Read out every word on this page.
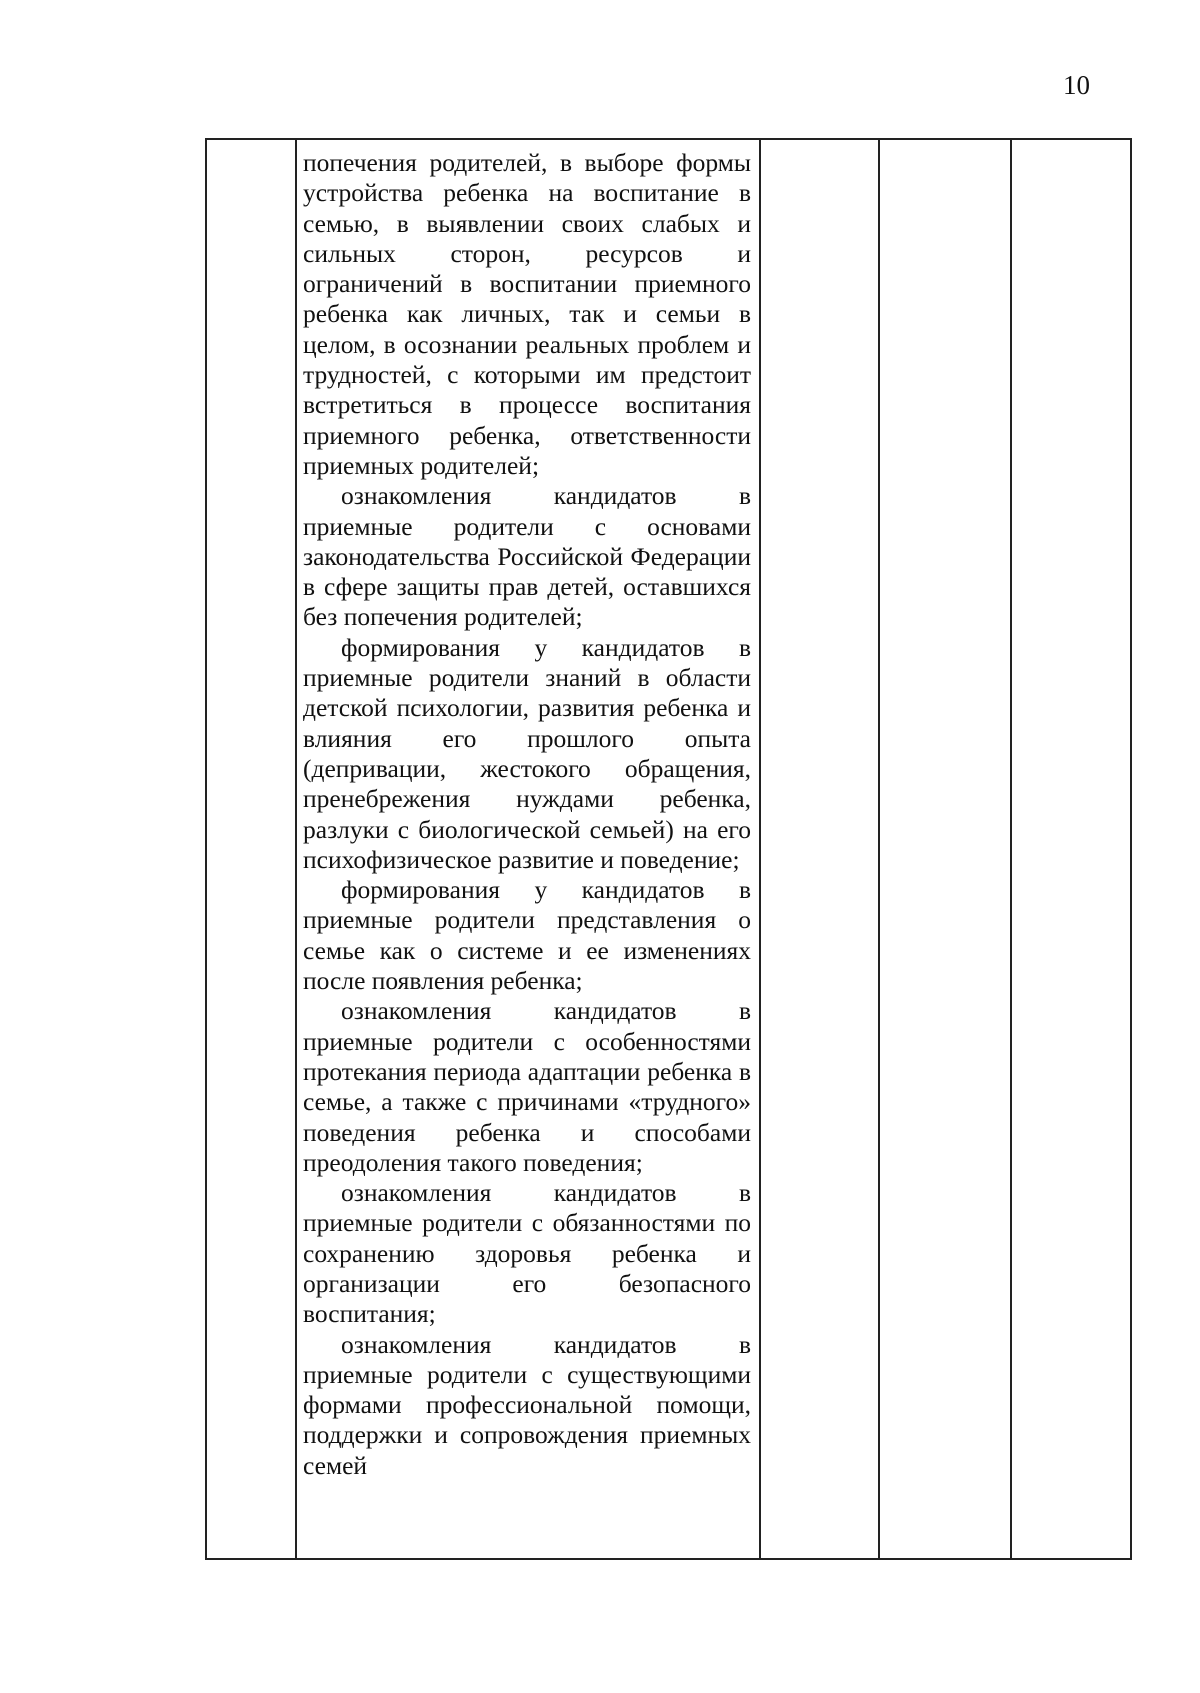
10

попечения родителей, в выборе формы устройства ребенка на воспитание в семью, в выявлении своих слабых и сильных сторон, ресурсов и ограничений в воспитании приемного ребенка как личных, так и семьи в целом, в осознании реальных проблем и трудностей, с которыми им предстоит встретиться в процессе воспитания приемного ребенка, ответственности приемных родителей;

ознакомления кандидатов в приемные родители с основами законодательства Российской Федерации в сфере защиты прав детей, оставшихся без попечения родителей;

формирования у кандидатов в приемные родители знаний в области детской психологии, развития ребенка и влияния его прошлого опыта (депривации, жестокого обращения, пренебрежения нуждами ребенка, разлуки с биологической семьей) на его психофизическое развитие и поведение;

формирования у кандидатов в приемные родители представления о семье как о системе и ее изменениях после появления ребенка;

ознакомления кандидатов в приемные родители с особенностями протекания периода адаптации ребенка в семье, а также с причинами «трудного» поведения ребенка и способами преодоления такого поведения;

ознакомления кандидатов в приемные родители с обязанностями по сохранению здоровья ребенка и организации его безопасного воспитания;

ознакомления кандидатов в приемные родители с существующими формами профессиональной помощи, поддержки и сопровождения приемных семей
